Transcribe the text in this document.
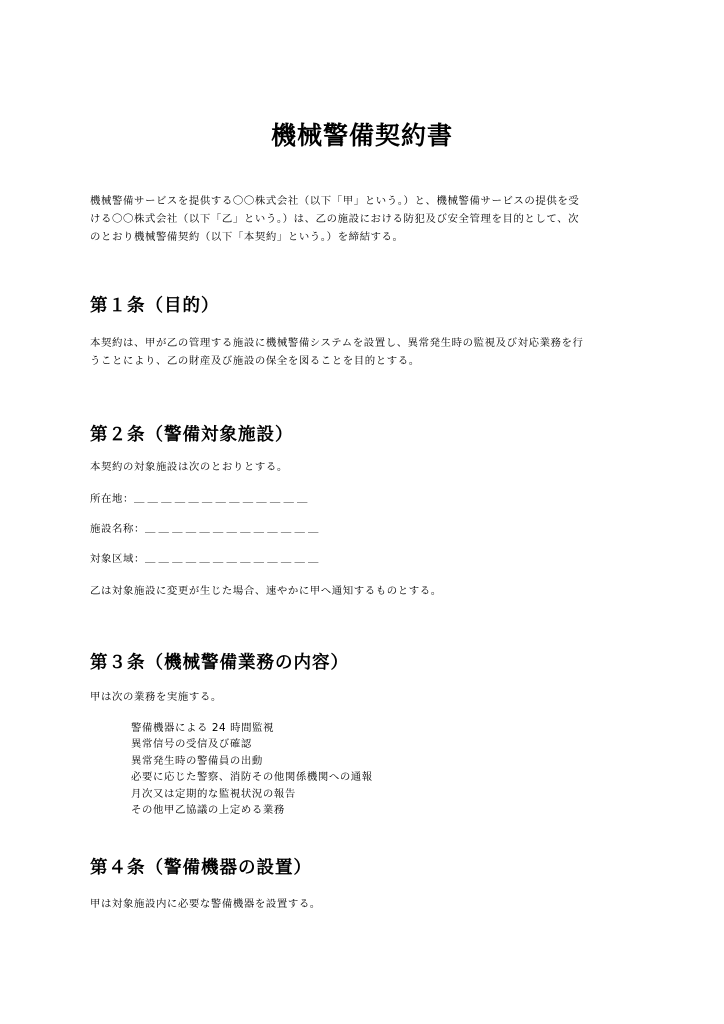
機械警備契約書
機械警備サービスを提供する〇〇株式会社（以下「甲」という。）と、機械警備サービスの提供を受
ける〇〇株式会社（以下「乙」という。）は、乙の施設における防犯及び安全管理を目的として、次
のとおり機械警備契約（以下「本契約」という。）を締結する。
第１条（目的）
本契約は、甲が乙の管理する施設に機械警備システムを設置し、異常発生時の監視及び対応業務を行
うことにより、乙の財産及び施設の保全を図ることを目的とする。
第２条（警備対象施設）
本契約の対象施設は次のとおりとする。
所在地：＿＿＿＿＿＿＿＿＿＿＿＿＿
施設名称：＿＿＿＿＿＿＿＿＿＿＿＿＿
対象区域：＿＿＿＿＿＿＿＿＿＿＿＿＿
乙は対象施設に変更が生じた場合、速やかに甲へ通知するものとする。
第３条（機械警備業務の内容）
甲は次の業務を実施する。
警備機器による 24 時間監視
異常信号の受信及び確認
異常発生時の警備員の出動
必要に応じた警察、消防その他関係機関への通報
月次又は定期的な監視状況の報告
その他甲乙協議の上定める業務
第４条（警備機器の設置）
甲は対象施設内に必要な警備機器を設置する。
